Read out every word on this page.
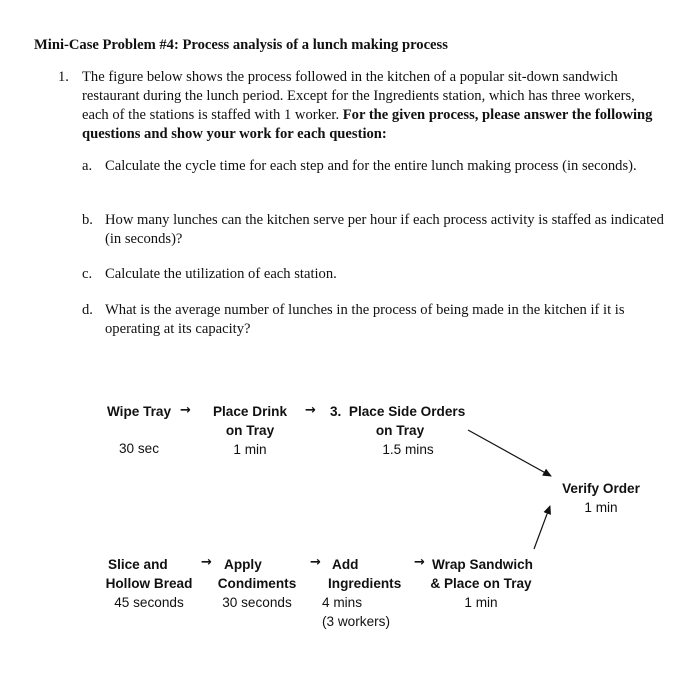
Mini-Case Problem #4: Process analysis of a lunch making process
1. The figure below shows the process followed in the kitchen of a popular sit-down sandwich restaurant during the lunch period. Except for the Ingredients station, which has three workers, each of the stations is staffed with 1 worker. For the given process, please answer the following questions and show your work for each question:
a. Calculate the cycle time for each step and for the entire lunch making process (in seconds).
b. How many lunches can the kitchen serve per hour if each process activity is staffed as indicated (in seconds)?
c. Calculate the utilization of each station.
d. What is the average number of lunches in the process of being made in the kitchen if it is operating at its capacity?
Wipe Tray
30 sec
→	Place Drink
on Tray
1 min
→ 3.  Place Side Orders
on Tray
1.5 mins
Verify Order
1 min
Slice and
Hollow Bread
45 seconds
→ Apply
Condiments
30 seconds
→ Add
Ingredients
4 mins
(3 workers)
→ Wrap Sandwich
& Place on Tray
1 min
